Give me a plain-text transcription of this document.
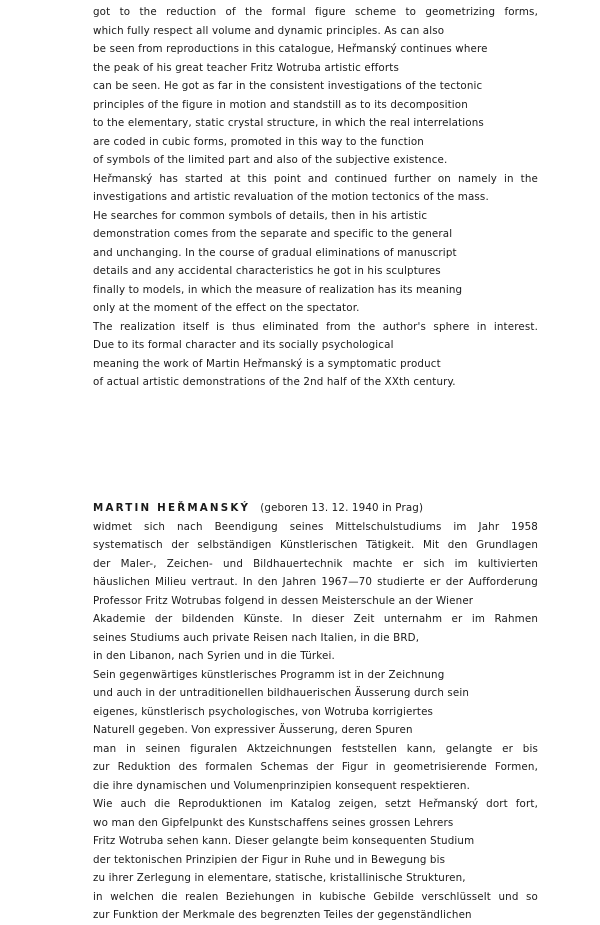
got to the reduction of the formal figure scheme to geometrizing forms,

which fully respect all volume and dynamic principles. As can also

be seen from reproductions in this catalogue, Heřmanský continues where

the peak of his great teacher Fritz Wotruba artistic efforts

can be seen. He got as far in the consistent investigations of the tectonic

principles of the figure in motion and standstill as to its decomposition

to the elementary, static crystal structure, in which the real interrelations

are coded in cubic forms, promoted in this way to the function

of symbols of the limited part and also of the subjective existence.

Heřmanský has started at this point and continued further on namely in the

investigations and artistic revaluation of the motion tectonics of the mass.

He searches for common symbols of details, then in his artistic

demonstration comes from the separate and specific to the general

and unchanging. In the course of gradual eliminations of manuscript

details and any accidental characteristics he got in his sculptures

finally to models, in which the measure of realization has its meaning

only at the moment of the effect on the spectator.

The realization itself is thus eliminated from the author's sphere in interest.

Due to its formal character and its socially psychological

meaning the work of Martin Heřmanský is a symptomatic product

of actual artistic demonstrations of the 2nd half of the XXth century.

MARTIN HEŘMANSKÝ (geboren 13. 12. 1940 in Prag)

widmet sich nach Beendigung seines Mittelschulstudiums im Jahr 1958

systematisch der selbständigen Künstlerischen Tätigkeit. Mit den Grundlagen

der Maler-, Zeichen- und Bildhauertechnik machte er sich im kultivierten

häuslichen Milieu vertraut. In den Jahren 1967—70 studierte er der Aufforderung

Professor Fritz Wotrubas folgend in dessen Meisterschule an der Wiener

Akademie der bildenden Künste. In dieser Zeit unternahm er im Rahmen

seines Studiums auch private Reisen nach Italien, in die BRD,

in den Libanon, nach Syrien und in die Türkei.

Sein gegenwärtiges künstlerisches Programm ist in der Zeichnung

und auch in der untraditionellen bildhauerischen Äusserung durch sein

eigenes, künstlerisch psychologisches, von Wotruba korrigiertes

Naturell gegeben. Von expressiver Äusserung, deren Spuren

man in seinen figuralen Aktzeichnungen feststellen kann, gelangte er bis

zur Reduktion des formalen Schemas der Figur in geometrisierende Formen,

die ihre dynamischen und Volumenprinzipien konsequent respektieren.

Wie auch die Reproduktionen im Katalog zeigen, setzt Heřmanský dort fort,

wo man den Gipfelpunkt des Kunstschaffens seines grossen Lehrers

Fritz Wotruba sehen kann. Dieser gelangte beim konsequenten Studium

der tektonischen Prinzipien der Figur in Ruhe und in Bewegung bis

zu ihrer Zerlegung in elementare, statische, kristallinische Strukturen,

in welchen die realen Beziehungen in kubische Gebilde verschlüsselt und so

zur Funktion der Merkmale des begrenzten Teiles der gegenständlichen
